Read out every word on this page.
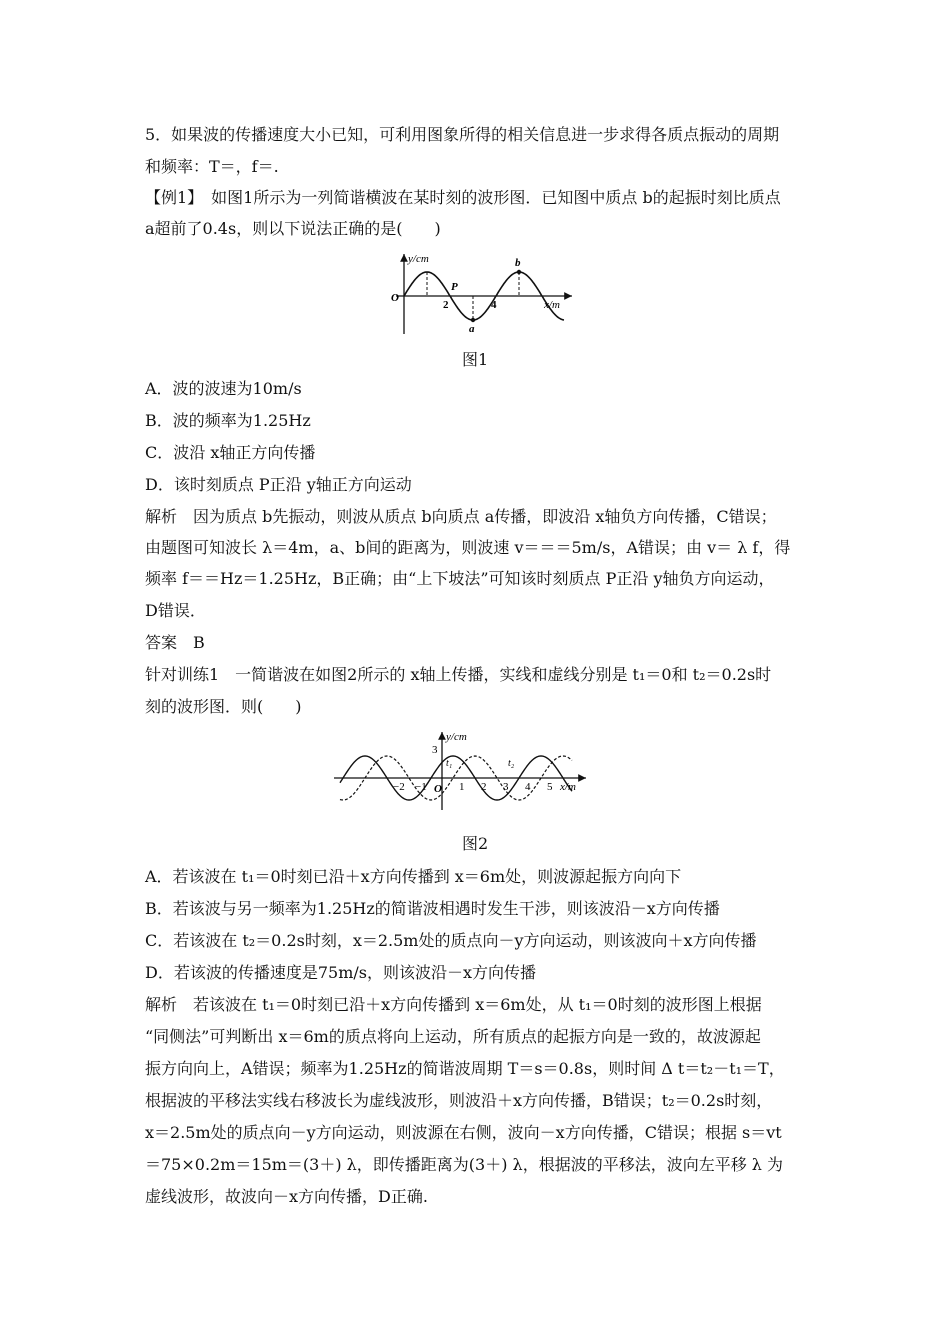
5．如果波的传播速度大小已知，可利用图象所得的相关信息进一步求得各质点振动的周期
和频率：T＝，f＝.
【例1】　如图1所示为一列简谐横波在某时刻的波形图．已知图中质点 b的起振时刻比质点
a超前了0.4s，则以下说法正确的是(　　)
A．波的波速为10m/s
B．波的频率为1.25Hz
C．波沿 x轴正方向传播
D．该时刻质点 P正沿 y轴正方向运动
解析　因为质点 b先振动，则波从质点 b向质点 a传播，即波沿 x轴负方向传播，C错误；
由题图可知波长 λ＝4m，a、b间的距离为，则波速 v＝＝＝5m/s，A错误；由 v＝ λ f，得
频率 f＝＝Hz＝1.25Hz，B正确；由“上下坡法”可知该时刻质点 P正沿 y轴负方向运动，
D错误．
答案　B
针对训练1　一简谐波在如图2所示的 x轴上传播，实线和虚线分别是 t₁＝0和 t₂＝0.2s时
刻的波形图．则(　　)
A．若该波在 t₁＝0时刻已沿＋x方向传播到 x＝6m处，则波源起振方向向下
B．若该波与另一频率为1.25Hz的简谐波相遇时发生干涉，则该波沿－x方向传播
C．若该波在 t₂＝0.2s时刻，x＝2.5m处的质点向－y方向运动，则该波向＋x方向传播
D．若该波的传播速度是75m/s，则该波沿－x方向传播
解析　若该波在 t₁＝0时刻已沿＋x方向传播到 x＝6m处，从 t₁＝0时刻的波形图上根据
“同侧法”可判断出 x＝6m的质点将向上运动，所有质点的起振方向是一致的，故波源起
振方向向上，A错误；频率为1.25Hz的简谐波周期 T＝s＝0.8s，则时间 Δ t＝t₂－t₁＝T，
根据波的平移法实线右移波长为虚线波形，则波沿＋x方向传播，B错误；t₂＝0.2s时刻，
x＝2.5m处的质点向－y方向运动，则波源在右侧，波向－x方向传播，C错误；根据 s＝vt
＝75×0.2m＝15m＝(3＋) λ，即传播距离为(3＋) λ，根据波的平移法，波向左平移 λ 为
虚线波形，故波向－x方向传播，D正确.
y/cm
x/m
O
2	4
P
a
b
图1
y/cm
3
x/m
O
t₁	t₂
−2 −1	1 2 3 4 5
图2
